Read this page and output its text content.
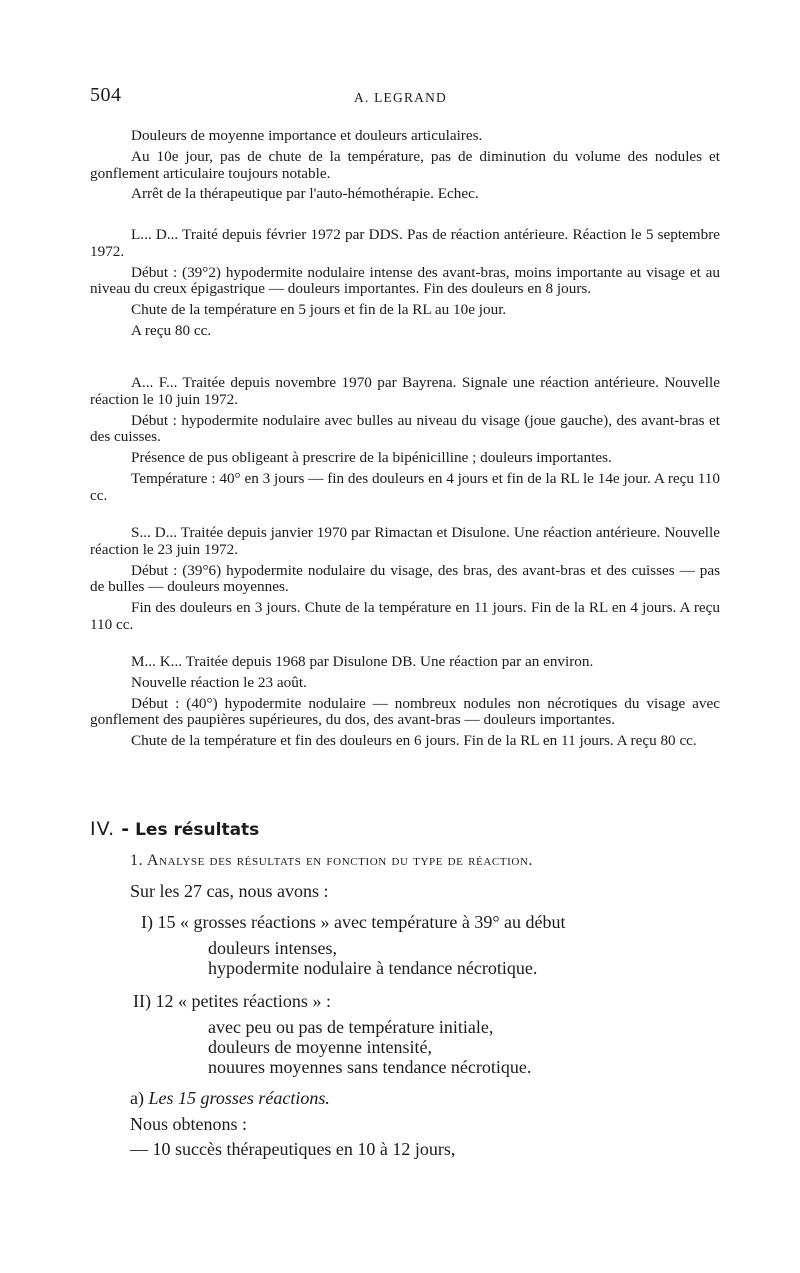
504	A. LEGRAND

Douleurs de moyenne importance et douleurs articulaires.

Au 10e jour, pas de chute de la température, pas de diminution du volume des nodules et gonflement articulaire toujours notable.

Arrêt de la thérapeutique par l'auto-hémothérapie. Echec.

L... D... Traité depuis février 1972 par DDS. Pas de réaction antérieure. Réaction le 5 septembre 1972.

Début : (39°2) hypodermite nodulaire intense des avant-bras, moins importante au visage et au niveau du creux épigastrique — douleurs importantes. Fin des douleurs en 8 jours.

Chute de la température en 5 jours et fin de la RL au 10e jour.

A reçu 80 cc.

A... F... Traitée depuis novembre 1970 par Bayrena. Signale une réaction antérieure. Nouvelle réaction le 10 juin 1972.

Début : hypodermite nodulaire avec bulles au niveau du visage (joue gauche), des avant-bras et des cuisses.

Présence de pus obligeant à prescrire de la bipénicilline ; douleurs importantes.

Température : 40° en 3 jours — fin des douleurs en 4 jours et fin de la RL le 14e jour. A reçu 110 cc.

S... D... Traitée depuis janvier 1970 par Rimactan et Disulone. Une réaction antérieure. Nouvelle réaction le 23 juin 1972.

Début : (39°6) hypodermite nodulaire du visage, des bras, des avant-bras et des cuisses — pas de bulles — douleurs moyennes.

Fin des douleurs en 3 jours. Chute de la température en 11 jours. Fin de la RL en 4 jours. A reçu 110 cc.

M... K... Traitée depuis 1968 par Disulone DB. Une réaction par an environ.

Nouvelle réaction le 23 août.

Début : (40°) hypodermite nodulaire — nombreux nodules non nécrotiques du visage avec gonflement des paupières supérieures, du dos, des avant-bras — douleurs importantes.

Chute de la température et fin des douleurs en 6 jours. Fin de la RL en 11 jours. A reçu 80 cc.

IV. - Les résultats
1. Analyse des résultats en fonction du type de réaction.
Sur les 27 cas, nous avons :
I) 15 « grosses réactions » avec température à 39° au début
douleurs intenses,
hypodermite nodulaire à tendance nécrotique.
II) 12 « petites réactions » :
avec peu ou pas de température initiale,
douleurs de moyenne intensité,
nouures moyennes sans tendance nécrotique.
a) Les 15 grosses réactions.
Nous obtenons :
— 10 succès thérapeutiques en 10 à 12 jours,
